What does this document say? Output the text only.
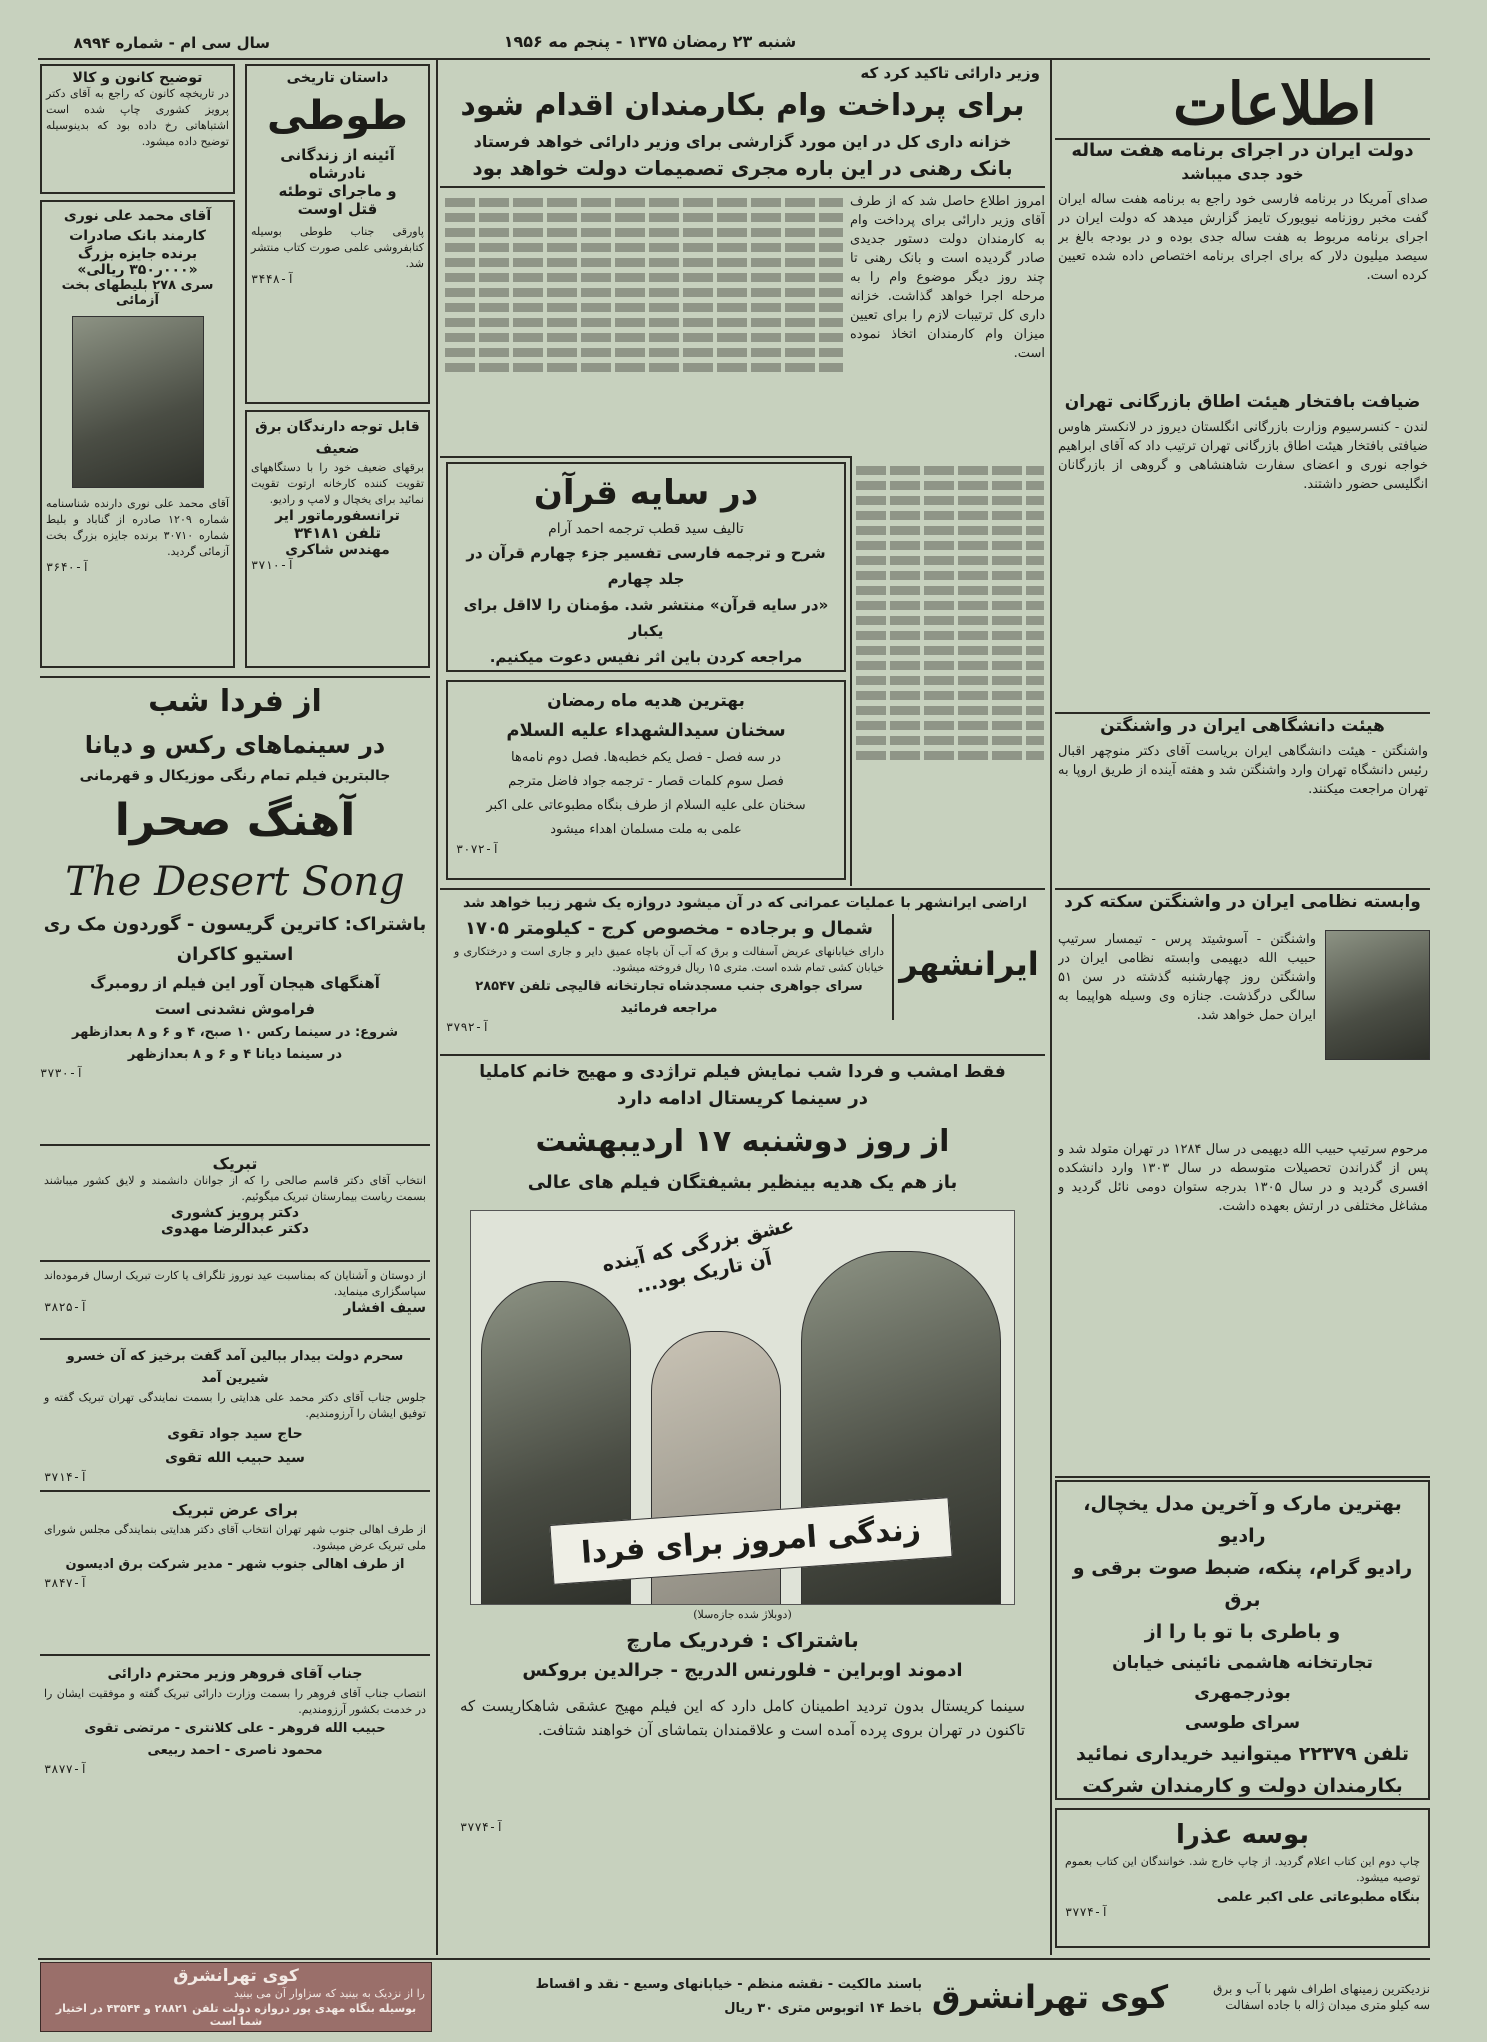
سال سی ام - شماره ۸۹۹۴	شنبه ۲۳ رمضان ۱۳۷۵ - پنجم مه ۱۹۵۶
اطلاعات
دولت ایران در اجرای برنامه هفت ساله
خود جدی میباشد
صدای آمریکا در برنامه فارسی خود راجع به برنامه هفت ساله ایران گفت مخبر روزنامه نیویورک تایمز گزارش میدهد که دولت ایران در اجرای برنامه مربوط به هفت ساله جدی بوده و در بودجه بالغ بر سیصد میلیون دلار که برای اجرای برنامه اختصاص داده شده تعیین کرده است.
ضیافت بافتخار هیئت اطاق بازرگانی تهران
لندن - کنسرسیوم وزارت بازرگانی انگلستان دیروز در لانکستر هاوس ضیافتی بافتخار هیئت اطاق بازرگانی تهران ترتیب داد که آقای ابراهیم خواجه نوری و اعضای سفارت شاهنشاهی و گروهی از بازرگانان انگلیسی حضور داشتند.
هیئت دانشگاهی ایران در واشنگتن
واشنگتن - هیئت دانشگاهی ایران بریاست آقای دکتر منوچهر اقبال رئیس دانشگاه تهران وارد واشنگتن شد و هفته آینده از طریق اروپا به تهران مراجعت میکنند.
وابسته نظامی ایران در واشنگتن سکته کرد
واشنگتن - آسوشیتد پرس - تیمسار سرتیپ حبیب الله دیهیمی وابسته نظامی ایران در واشنگتن روز چهارشنبه گذشته در سن ۵۱ سالگی درگذشت. جنازه وی وسیله هواپیما به ایران حمل خواهد شد.
مرحوم سرتیپ حبیب الله دیهیمی در سال ۱۲۸۴ در تهران متولد شد و پس از گذراندن تحصیلات متوسطه در سال ۱۳۰۳ وارد دانشکده افسری گردید و در سال ۱۳۰۵ بدرجه ستوان دومی نائل گردید و مشاغل مختلفی در ارتش بعهده داشت.
بهترین مارک و آخرین مدل یخچال، رادیو
رادیو گرام، پنکه، ضبط صوت برقی و برق
و باطری با تو با را از
تجارتخانه هاشمی نائینی خیابان بوذرجمهری
سرای طوسی
تلفن ۲۲۳۷۹ میتوانید خریداری نمائید
بکارمندان دولت و کارمندان شرکت
بوسه عذرا
چاپ دوم این کتاب اعلام گردید. از چاپ خارج شد. خوانندگان این کتاب بعموم توصیه میشود.
بنگاه مطبوعاتی علی اکبر علمی
آ-۳۷۷۴
وزیر دارائی تاکید کرد که
برای پرداخت وام بکارمندان اقدام شود
خزانه داری کل در این مورد گزارشی برای وزیر دارائی خواهد فرستاد
بانک رهنی در این باره مجری تصمیمات دولت خواهد بود
امروز اطلاع حاصل شد که از طرف آقای وزیر دارائی برای پرداخت وام به کارمندان دولت دستور جدیدی صادر گردیده است و بانک رهنی تا چند روز دیگر موضوع وام را به مرحله اجرا خواهد گذاشت. خزانه داری کل ترتیبات لازم را برای تعیین میزان وام کارمندان اتخاذ نموده است.
در سایه قرآن
تالیف سید قطب ترجمه احمد آرام
شرح و ترجمه فارسی تفسیر جزء چهارم قرآن در جلد چهارم
«در سایه قرآن» منتشر شد. مؤمنان را لااقل برای یکبار
مراجعه کردن باین اثر نفیس دعوت میکنیم.
بهترین هدیه ماه رمضان
سخنان سیدالشهداء علیه السلام
در سه فصل - فصل یکم خطبه‌ها. فصل دوم نامه‌ها
فصل سوم کلمات قصار - ترجمه جواد فاضل مترجم
سخنان علی علیه السلام از طرف بنگاه مطبوعاتی علی اکبر
علمی به ملت مسلمان اهداء میشود
آ-۳۰۷۲
اراضی ایرانشهر با عملیات عمرانی که در آن میشود دروازه یک شهر زیبا خواهد شد
ایرانشهر
شمال و برجاده - مخصوص کرج - کیلومتر ۱۷۰۵
دارای خیابانهای عریض آسفالت و برق که آب آن باچاه عمیق دایر و جاری است و درختکاری و خیابان کشی تمام شده است. متری ۱۵ ریال فروخته میشود.
سرای جواهری جنب مسجدشاه تجارتخانه قالیچی تلفن ۲۸۵۴۷ مراجعه فرمائید
آ-۳۷۹۲
فقط امشب و فردا شب نمایش فیلم تراژدی و مهیج خانم کاملیا
در سینما کریستال ادامه دارد
از روز دوشنبه ۱۷ اردیبهشت
باز هم یک هدیه بینظیر بشیفتگان فیلم های عالی
عشق بزرگی که آینده آن تاریک بود...
زندگی امروز برای فردا
(دوبلاژ شده جازه‌سلا)
باشتراک : فردریک مارچ
ادموند اوبراین - فلورنس الدریج - جرالدین بروکس
سینما کریستال بدون تردید اطمینان کامل دارد که این فیلم مهیج عشقی شاهکاریست که تاکنون در تهران بروی پرده آمده است و علاقمندان بتماشای آن خواهند شتافت.
آ-۳۷۷۴
توضیح کانون و کالا
در تاریخچه کانون که راجع به آقای دکتر پرویز کشوری چاپ شده است اشتباهاتی رخ داده بود که بدینوسیله توضیح داده میشود.
آقای محمد علی نوری کارمند بانک صادرات
برنده جایزه بزرگ
«۰۰۰ر۳۵۰ ریالی»
سری ۲۷۸ بلیطهای بخت آزمائی
آقای محمد علی نوری دارنده شناسنامه شماره ۱۲۰۹ صادره از گناباد و بلیط شماره ۳۰۷۱۰ برنده جایزه بزرگ بخت آزمائی گردید.
آ-۳۶۴۰
داستان تاریخی
طوطی
آئینه از زندگانی
نادرشاه
و ماجرای توطئه
قتل اوست
پاورقی جناب طوطی بوسیله کتابفروشی علمی صورت کتاب منتشر شد.
آ-۳۴۴۸
قابل توجه دارندگان برق ضعیف
برقهای ضعیف خود را با دستگاههای تقویت کننده کارخانه ارتوت تقویت نمائید برای یخچال و لامپ و رادیو.
ترانسفورماتور ایر
تلفن ۳۴۱۸۱
مهندس شاکری
آ-۳۷۱۰
از فردا شب
در سینماهای رکس و دیانا
جالبترین فیلم تمام رنگی موزیکال و قهرمانی
آهنگ صحرا
The Desert Song
باشتراک: کاترین گریسون - گوردون مک ری
استیو کاکران
آهنگهای هیجان آور این فیلم از رومبرگ
فراموش نشدنی است
شروع: در سینما رکس ۱۰ صبح، ۴ و ۶ و ۸ بعدازظهر
در سینما دیانا ۴ و ۶ و ۸ بعدازظهر
آ-۳۷۳۰
تبریک
انتخاب آقای دکتر قاسم صالحی را که از جوانان دانشمند و لایق کشور میباشند بسمت ریاست بیمارستان تبریک میگوئیم.
دکتر پرویز کشوری
دکتر عبدالرضا مهدوی
از دوستان و آشنایان که بمناسبت عید نوروز تلگراف یا کارت تبریک ارسال فرموده‌اند سپاسگزاری مینماید.
سیف افشار
آ-۳۸۲۵
سحرم دولت بیدار ببالین آمد گفت برخیز که آن خسرو شیرین آمد
جلوس جناب آقای دکتر محمد علی هدایتی را بسمت نمایندگی تهران تبریک گفته و توفیق ایشان را آرزومندیم.
حاج سید جواد تقوی
سید حبیب الله تقوی
آ-۳۷۱۴
برای عرض تبریک
از طرف اهالی جنوب شهر تهران انتخاب آقای دکتر هدایتی بنمایندگی مجلس شورای ملی تبریک عرض میشود.
از طرف اهالی جنوب شهر - مدیر شرکت برق ادیسون
آ-۳۸۴۷
جناب آقای فروهر وزیر محترم دارائی
انتصاب جناب آقای فروهر را بسمت وزارت دارائی تبریک گفته و موفقیت ایشان را در خدمت بکشور آرزومندیم.
حبیب الله فروهر - علی کلانتری - مرتضی تقوی
محمود ناصری - احمد ربیعی
آ-۳۸۷۷
نزدیکترین زمینهای اطراف شهر با آب و برق
سه کیلو متری میدان ژاله با جاده اسفالت
کوی تهرانشرق
باسند مالکیت - نقشه منظم - خیابانهای وسیع - نقد و اقساط
باخط ۱۴ اتوبوس متری ۳۰ ریال
کوی تهرانشرق
را از نزدیک به بینید که سزاوار آن می بینید
بوسیله بنگاه مهدی پور دروازه دولت تلفن ۲۸۸۲۱ و ۴۳۵۴۴ در اختیار شما است
